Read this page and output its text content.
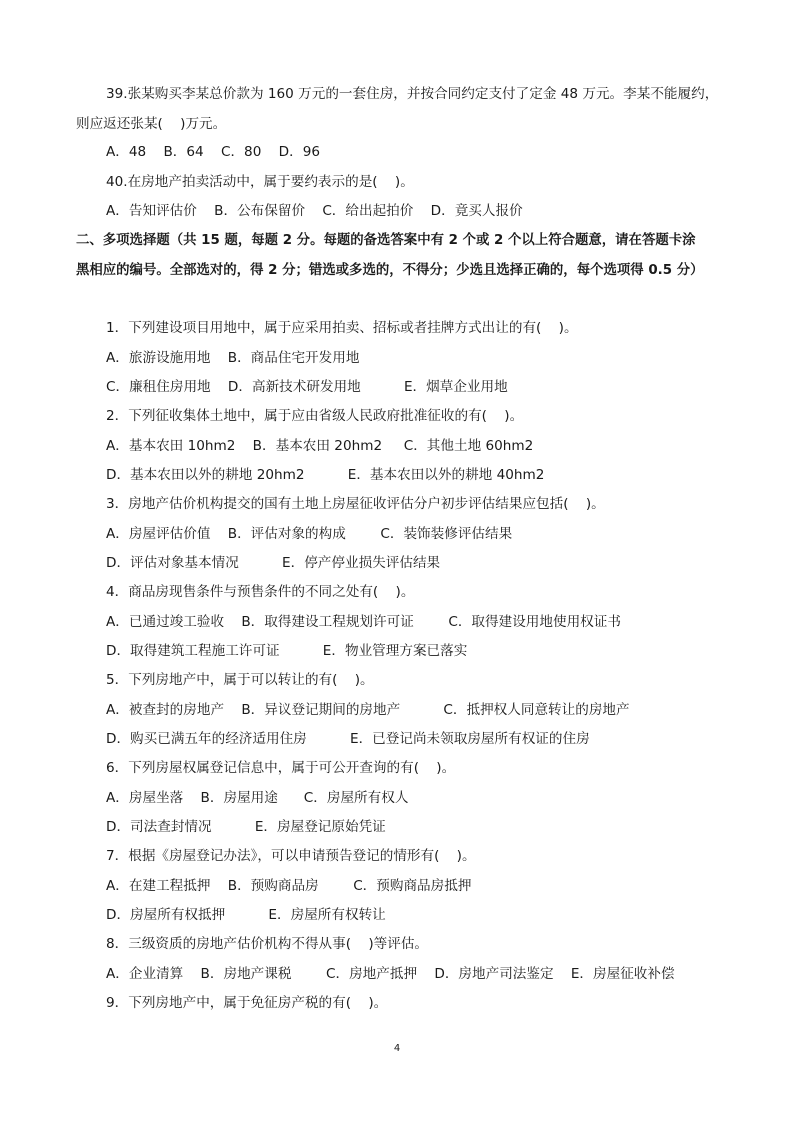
39.张某购买李某总价款为 160 万元的一套住房，并按合同约定支付了定金 48 万元。李某不能履约，
则应返还张某(    )万元。
A．48    B．64    C．80    D．96
40.在房地产拍卖活动中，属于要约表示的是(    )。
A．告知评估价    B．公布保留价    C．给出起拍价    D．竟买人报价
二、多项选择题（共 15 题，每题 2 分。每题的备选答案中有 2 个或 2 个以上符合题意，请在答题卡涂
黑相应的编号。全部选对的，得 2 分；错选或多选的，不得分；少选且选择正确的，每个选项得 0.5 分）
1．下列建设项目用地中，属于应采用拍卖、招标或者挂牌方式出让的有(    )。
A．旅游设施用地    B．商品住宅开发用地
C．廉租住房用地    D．高新技术研发用地          E．烟草企业用地
2．下列征收集体土地中，属于应由省级人民政府批准征收的有(    )。
A．基本农田 10hm2    B．基本农田 20hm2     C．其他土地 60hm2
D．基本农田以外的耕地 20hm2          E．基本农田以外的耕地 40hm2
3．房地产估价机构提交的国有土地上房屋征收评估分户初步评估结果应包括(    )。
A．房屋评估价值    B．评估对象的构成        C．装饰装修评估结果
D．评估对象基本情况          E．停产停业损失评估结果
4．商品房现售条件与预售条件的不同之处有(    )。
A．已通过竣工验收    B．取得建设工程规划许可证        C．取得建设用地使用权证书
D．取得建筑工程施工许可证          E．物业管理方案已落实
5．下列房地产中，属于可以转让的有(    )。
A．被查封的房地产    B．异议登记期间的房地产          C．抵押权人同意转让的房地产
D．购买已满五年的经济适用住房          E．已登记尚未领取房屋所有权证的住房
6．下列房屋权属登记信息中，属于可公开查询的有(    )。
A．房屋坐落    B．房屋用途      C．房屋所有权人
D．司法查封情况          E．房屋登记原始凭证
7．根据《房屋登记办法》，可以申请预告登记的情形有(    )。
A．在建工程抵押    B．预购商品房        C．预购商品房抵押
D．房屋所有权抵押          E．房屋所有权转让
8．三级资质的房地产估价机构不得从事(    )等评估。
A．企业清算    B．房地产课税        C．房地产抵押    D．房地产司法鉴定    E．房屋征收补偿
9．下列房地产中，属于免征房产税的有(    )。
4
